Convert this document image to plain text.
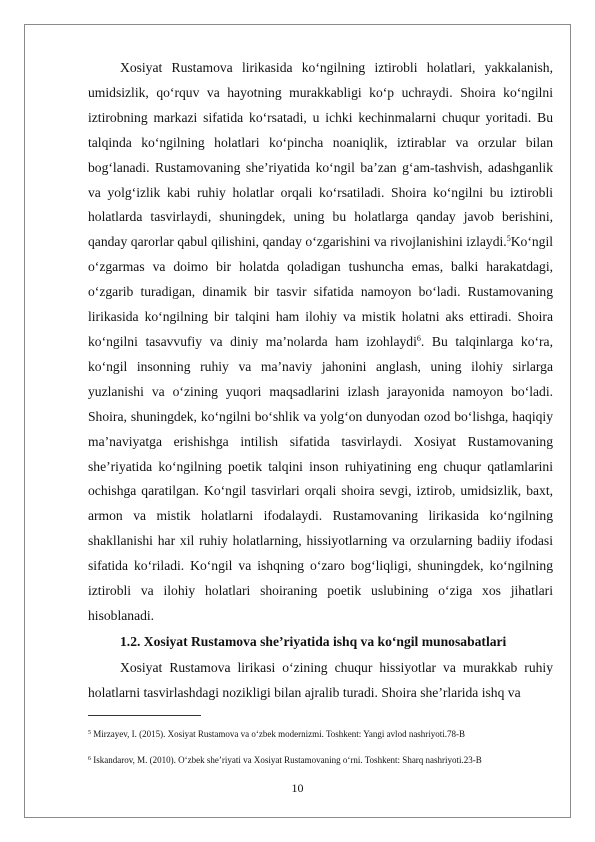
Xosiyat Rustamova lirikasida ko‘ngilning iztirobli holatlari, yakkalanish, umidsizlik, qo‘rquv va hayotning murakkabligi ko‘p uchraydi. Shoira ko‘ngilni iztirobning markazi sifatida ko‘rsatadi, u ichki kechinmalarni chuqur yoritadi. Bu talqinda ko‘ngilning holatlari ko‘pincha noaniqlik, iztirablar va orzular bilan bog‘lanadi. Rustamovaning she’riyatida ko‘ngil ba’zan g‘am-tashvish, adashganlik va yolg‘izlik kabi ruhiy holatlar orqali ko‘rsatiladi. Shoira ko‘ngilni bu iztirobli holatlarda tasvirlaydi, shuningdek, uning bu holatlarga qanday javob berishini, qanday qarorlar qabul qilishini, qanday o‘zgarishini va rivojlanishini izlaydi.$^5$Ko‘ngil o‘zgarmas va doimo bir holatda qoladigan tushuncha emas, balki harakatdagi, o‘zgarib turadigan, dinamik bir tasvir sifatida namoyon bo‘ladi. Rustamovaning lirikasida ko‘ngilning bir talqini ham ilohiy va mistik holatni aks ettiradi. Shoira ko‘ngilni tasavvufiy va diniy ma’nolarda ham izohlaydi$^6$. Bu talqinlarga ko‘ra, ko‘ngil insonning ruhiy va ma’naviy jahonini anglash, uning ilohiy sirlarga yuzlanishi va o‘zining yuqori maqsadlarini izlash jarayonida namoyon bo‘ladi. Shoira, shuningdek, ko‘ngilni bo‘shlik va yolg‘on dunyodan ozod bo‘lishga, haqiqiy ma’naviyatga erishishga intilish sifatida tasvirlaydi. Xosiyat Rustamovaning she’riyatida ko‘ngilning poetik talqini inson ruhiyatining eng chuqur qatlamlarini ochishga qaratilgan. Ko‘ngil tasvirlari orqali shoira sevgi, iztirob, umidsizlik, baxt, armon va mistik holatlarni ifodalaydi. Rustamovaning lirikasida ko‘ngilning shakllanishi har xil ruhiy holatlarning, hissiyotlarning va orzularning badiiy ifodasi sifatida ko‘riladi. Ko‘ngil va ishqning o‘zaro bog‘liqligi, shuningdek, ko‘ngilning iztirobli va ilohiy holatlari shoiraning poetik uslubining o‘ziga xos jihatlari hisoblanadi.

1.2. Xosiyat Rustamova she’riyatida ishq va ko‘ngil munosabatlari

Xosiyat Rustamova lirikasi o‘zining chuqur hissiyotlar va murakkab ruhiy holatlarni tasvirlashdagi nozikligi bilan ajralib turadi. Shoira she’rlarida ishq va

$^5$ Mirzayev, I. (2015). Xosiyat Rustamova va o‘zbek modernizmi. Toshkent: Yangi avlod nashriyoti.78-B
$^6$ Iskandarov, M. (2010). O‘zbek she’riyati va Xosiyat Rustamovaning o‘rni. Toshkent: Sharq nashriyoti.23-B
10
